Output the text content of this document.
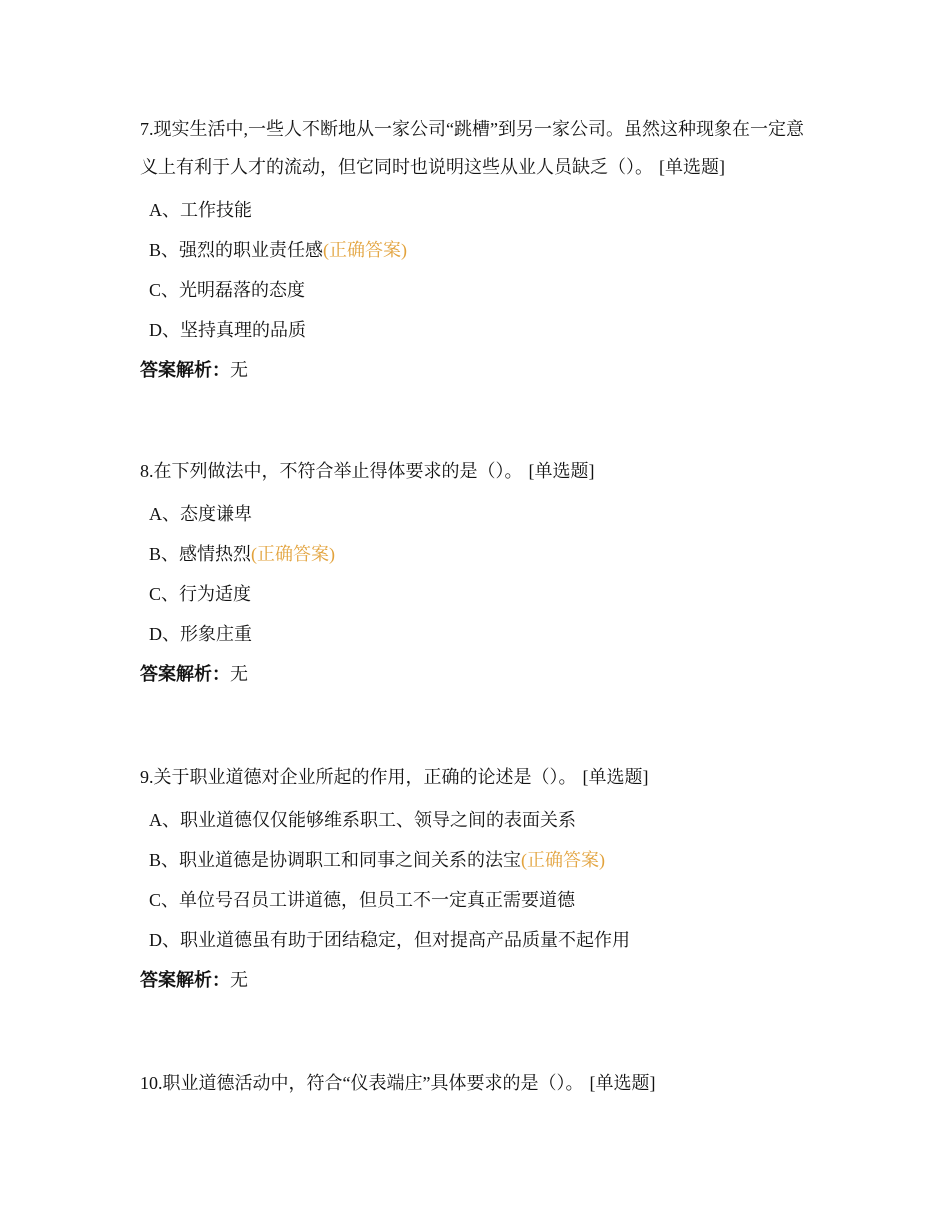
7.现实生活中,一些人不断地从一家公司“跳槽”到另一家公司。虽然这种现象在一定意义上有利于人才的流动，但它同时也说明这些从业人员缺乏（）。 [单选题]

A、工作技能
B、强烈的职业责任感(正确答案)
C、光明磊落的态度
D、坚持真理的品质
答案解析：无

8.在下列做法中，不符合举止得体要求的是（）。 [单选题]

A、态度谦卑
B、感情热烈(正确答案)
C、行为适度
D、形象庄重
答案解析：无

9.关于职业道德对企业所起的作用，正确的论述是（）。 [单选题]

A、职业道德仅仅能够维系职工、领导之间的表面关系
B、职业道德是协调职工和同事之间关系的法宝(正确答案)
C、单位号召员工讲道德，但员工不一定真正需要道德
D、职业道德虽有助于团结稳定，但对提高产品质量不起作用
答案解析：无

10.职业道德活动中，符合“仪表端庄”具体要求的是（）。 [单选题]
